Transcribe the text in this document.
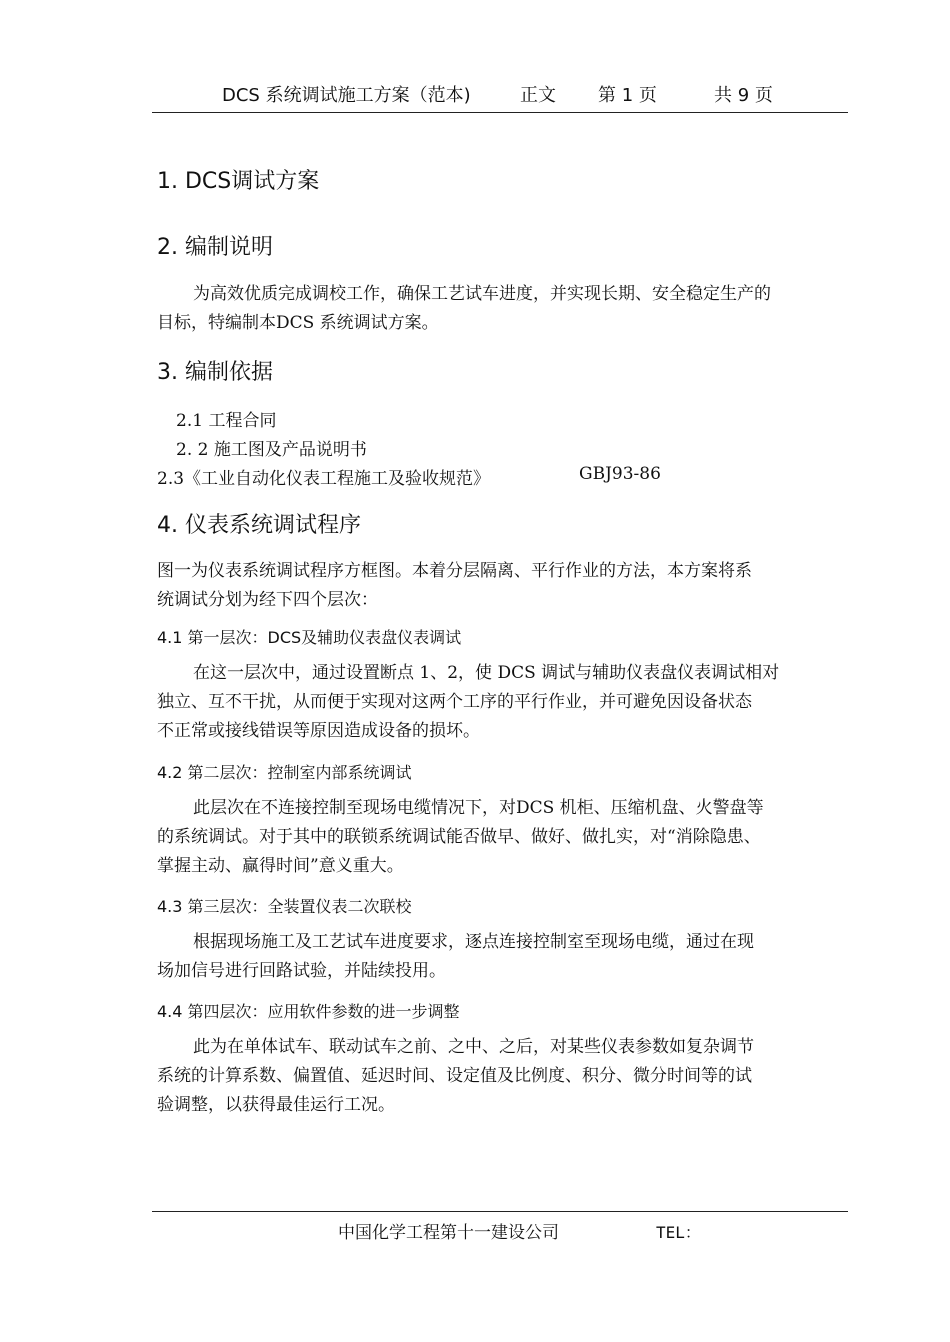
DCS 系统调试施工方案（范本)	正文 第 1 页	共 9 页
1. DCS调试方案
2. 编制说明
为高效优质完成调校工作，确保工艺试车进度，并实现长期、安全稳定生产的
目标，特编制本DCS 系统调试方案。
3. 编制依据
2.1 工程合同
2. 2 施工图及产品说明书
2.3《工业自动化仪表工程施工及验收规范》	GBJ93-86
4. 仪表系统调试程序
图一为仪表系统调试程序方框图。本着分层隔离、平行作业的方法，本方案将系
统调试分划为经下四个层次：
4.1 第一层次：DCS及辅助仪表盘仪表调试
在这一层次中，通过设置断点 1、2，使 DCS 调试与辅助仪表盘仪表调试相对
独立、互不干扰，从而便于实现对这两个工序的平行作业，并可避免因设备状态
不正常或接线错误等原因造成设备的损坏。
4.2 第二层次：控制室内部系统调试
此层次在不连接控制至现场电缆情况下，对DCS 机柜、压缩机盘、火警盘等
的系统调试。对于其中的联锁系统调试能否做早、做好、做扎实，对“消除隐患、
掌握主动、赢得时间”意义重大。
4.3 第三层次：全装置仪表二次联校
根据现场施工及工艺试车进度要求，逐点连接控制室至现场电缆，通过在现
场加信号进行回路试验，并陆续投用。
4.4 第四层次：应用软件参数的进一步调整
此为在单体试车、联动试车之前、之中、之后，对某些仪表参数如复杂调节
系统的计算系数、偏置值、延迟时间、设定值及比例度、积分、微分时间等的试
验调整，以获得最佳运行工况。
中国化学工程第十一建设公司	TEL：
